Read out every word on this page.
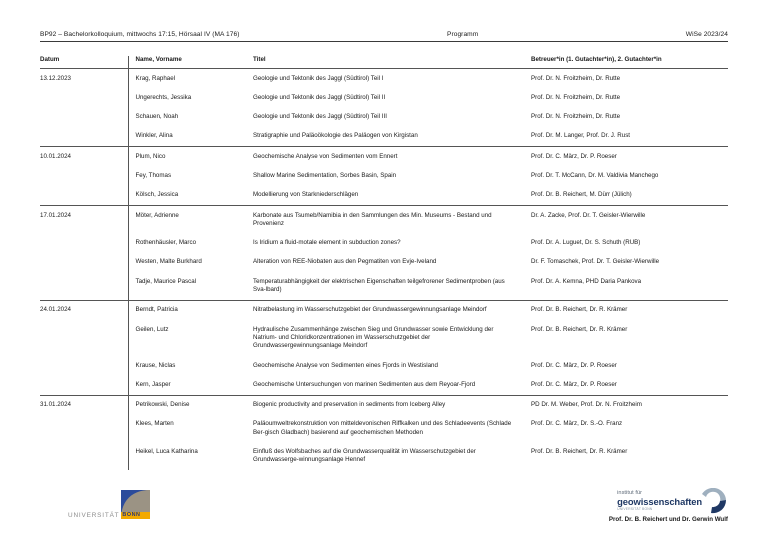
BP92 – Bachelorkolloquium, mittwochs 17:15, Hörsaal IV (MA 176)	Programm	WiSe 2023/24
Datum	Name, Vorname	Titel	Betreuer*in (1. Gutachter*in), 2. Gutachter*in
13.12.2023	Krag, Raphael	Geologie und Tektonik des Jaggl (Südtirol) Teil I	Prof. Dr. N. Froitzheim, Dr. Rutte
	Ungerechts, Jessika	Geologie und Tektonik des Jaggl (Südtirol) Teil II	Prof. Dr. N. Froitzheim, Dr. Rutte
	Schauen, Noah	Geologie und Tektonik des Jaggl (Südtirol) Teil III	Prof. Dr. N. Froitzheim, Dr. Rutte
	Winkler, Alina	Stratigraphie und Paläoökologie des Paläogen von Kirgistan	Prof. Dr. M. Langer, Prof. Dr. J. Rust
10.01.2024	Plum, Nico	Geochemische Analyse von Sedimenten vom Ennert	Prof. Dr. C. März, Dr. P. Roeser
	Fey, Thomas	Shallow Marine Sedimentation, Sorbes Basin, Spain	Prof. Dr. T. McCann, Dr. M. Valdivia Manchego
	Kölsch, Jessica	Modellierung von Starkniederschlägen	Prof. Dr. B. Reichert, M. Dürr (Jülich)
17.01.2024	Möter, Adrienne	Karbonate aus Tsumeb/Namibia in den Sammlungen des Min. Museums - Bestand und Provenienz	Dr. A. Zacke, Prof. Dr. T. Geisler-Wierwille
	Rothenhäusler, Marco	Is Iridium a fluid-motale element in subduction zones?	Prof. Dr. A. Luguet, Dr. S. Schuth (RUB)
	Westen, Malte Burkhard	Alteration von REE-Niobaten aus den Pegmatiten von Evje-Iveland	Dr. F. Tomaschek, Prof. Dr. T. Geisler-Wierwille
	Tadje, Maurice Pascal	Temperaturabhängigkeit der elektrischen Eigenschaften teilgefrorener Sedimentproben (aus Sva-lbard)	Prof. Dr. A. Kemna, PHD Daria Pankova
24.01.2024	Berndt, Patricia	Nitratbelastung im Wasserschutzgebiet der Grundwassergewinnungsanlage Meindorf	Prof. Dr. B. Reichert, Dr. R. Krämer
	Geilen, Lutz	Hydraulische Zusammenhänge zwischen Sieg und Grundwasser sowie Entwicklung der Natrium- und Chloridkonzentrationen im Wasserschutzgebiet der Grundwassergewinnungsanlage Meindorf	Prof. Dr. B. Reichert, Dr. R. Krämer
	Krause, Niclas	Geochemische Analyse von Sedimenten eines Fjords in Westisland	Prof. Dr. C. März, Dr. P. Roeser
	Kern, Jasper	Geochemische Untersuchungen von marinen Sedimenten aus dem Reyoar-Fjord	Prof. Dr. C. März, Dr. P. Roeser
31.01.2024	Petrikowski, Denise	Biogenic productivity and preservation in sediments from Iceberg Alley	PD Dr. M. Weber, Prof. Dr. N. Froitzheim
	Klees, Marten	Paläoumweltrekonstruktion von mitteldevonischen Riffkalken und des Schladeevents (Schlade Ber-gisch Gladbach) basierend auf geochemischen Methoden	Prof. Dr. C. März, Dr. S.-O. Franz
	Heikel, Luca Katharina	Einfluß des Wolfsbaches auf die Grundwasserqualität im Wasserschutzgebiet der Grundwasserge-winnungsanlage Hennef	Prof. Dr. B. Reichert, Dr. R. Krämer
UNIVERSITÄT BONN
institut für
geowissenschaften
UNIVERSITÄT BONN
Prof. Dr. B. Reichert und Dr. Gerwin Wulf
